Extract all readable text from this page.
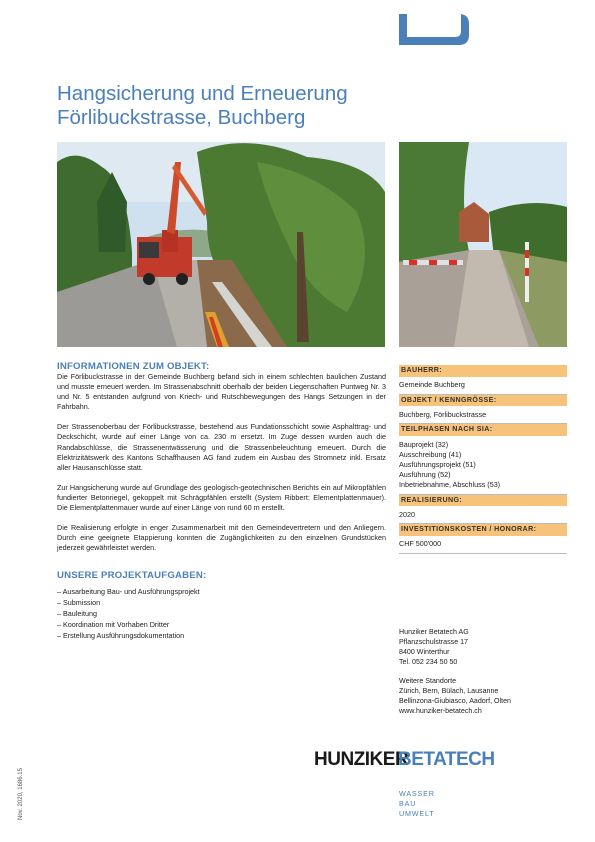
Hangsicherung und Erneuerung
Förlibuckstrasse, Buchberg
INFORMATIONEN ZUM OBJEKT:

Die Förlibuckstrasse in der Gemeinde Buchberg befand sich in einem schlechten baulichen Zustand und musste erneuert werden. Im Strassenabschnitt oberhalb der beiden Liegenschaften Puntweg Nr. 3 und Nr. 5 entstanden aufgrund von Kriech- und Rutschbewegungen des Hangs Setzungen in der Fahrbahn.

Der Strassenoberbau der Förlibuckstrasse, bestehend aus Fundationsschicht sowie Asphalttrag- und Deckschicht, wurde auf einer Länge von ca. 230 m ersetzt. Im Zuge dessen wurden auch die Randabschlüsse, die Strassenentwässerung und die Strassenbeleuchtung erneuert. Durch die Elektrizitätswerk des Kantons Schaffhausen AG fand zudem ein Ausbau des Stromnetz inkl. Ersatz aller Hausanschlüsse statt.

Zur Hangsicherung wurde auf Grundlage des geologisch-geotechnischen Berichts ein auf Mikropfählen fundierter Betonriegel, gekoppelt mit Schrägpfählen erstellt (System Ribbert: Elementplattenmauer). Die Elementplattenmauer wurde auf einer Länge von rund 60 m erstellt.

Die Realisierung erfolgte in enger Zusammenarbeit mit den Gemeindevertretern und den Anliegern. Durch eine geeignete Etappierung konnten die Zugänglichkeiten zu den einzelnen Grundstücken jederzeit gewährleistet werden.

UNSERE PROJEKTAUFGABEN:
– Ausarbeitung Bau- und Ausführungsprojekt
– Submission
– Bauleitung
– Koordination mit Vorhaben Dritter
– Erstellung Ausführungsdokumentation
BAUHERR:
Gemeinde Buchberg
OBJEKT / KENNGRÖSSE:
Buchberg, Förlibuckstrasse
TEILPHASEN NACH SIA:
Bauprojekt (32)
Ausschreibung (41)
Ausführungsprojekt (51)
Ausführung (52)
Inbetriebnahme, Abschluss (53)
REALISIERUNG:
2020
INVESTITIONSKOSTEN / HONORAR:
CHF 500'000
Hunziker Betatech AG
Pflanzschulstrasse 17
8400 Winterthur
Tel. 052 234 50 50
Weitere Standorte
Zürich, Bern, Bülach, Lausanne
Bellinzona-Giubiasco, Aadorf, Olten
www.hunziker-betatech.ch
HUNZIKER
BETATECH
WASSER
BAU
UMWELT
Nov. 2020, 1686.15
